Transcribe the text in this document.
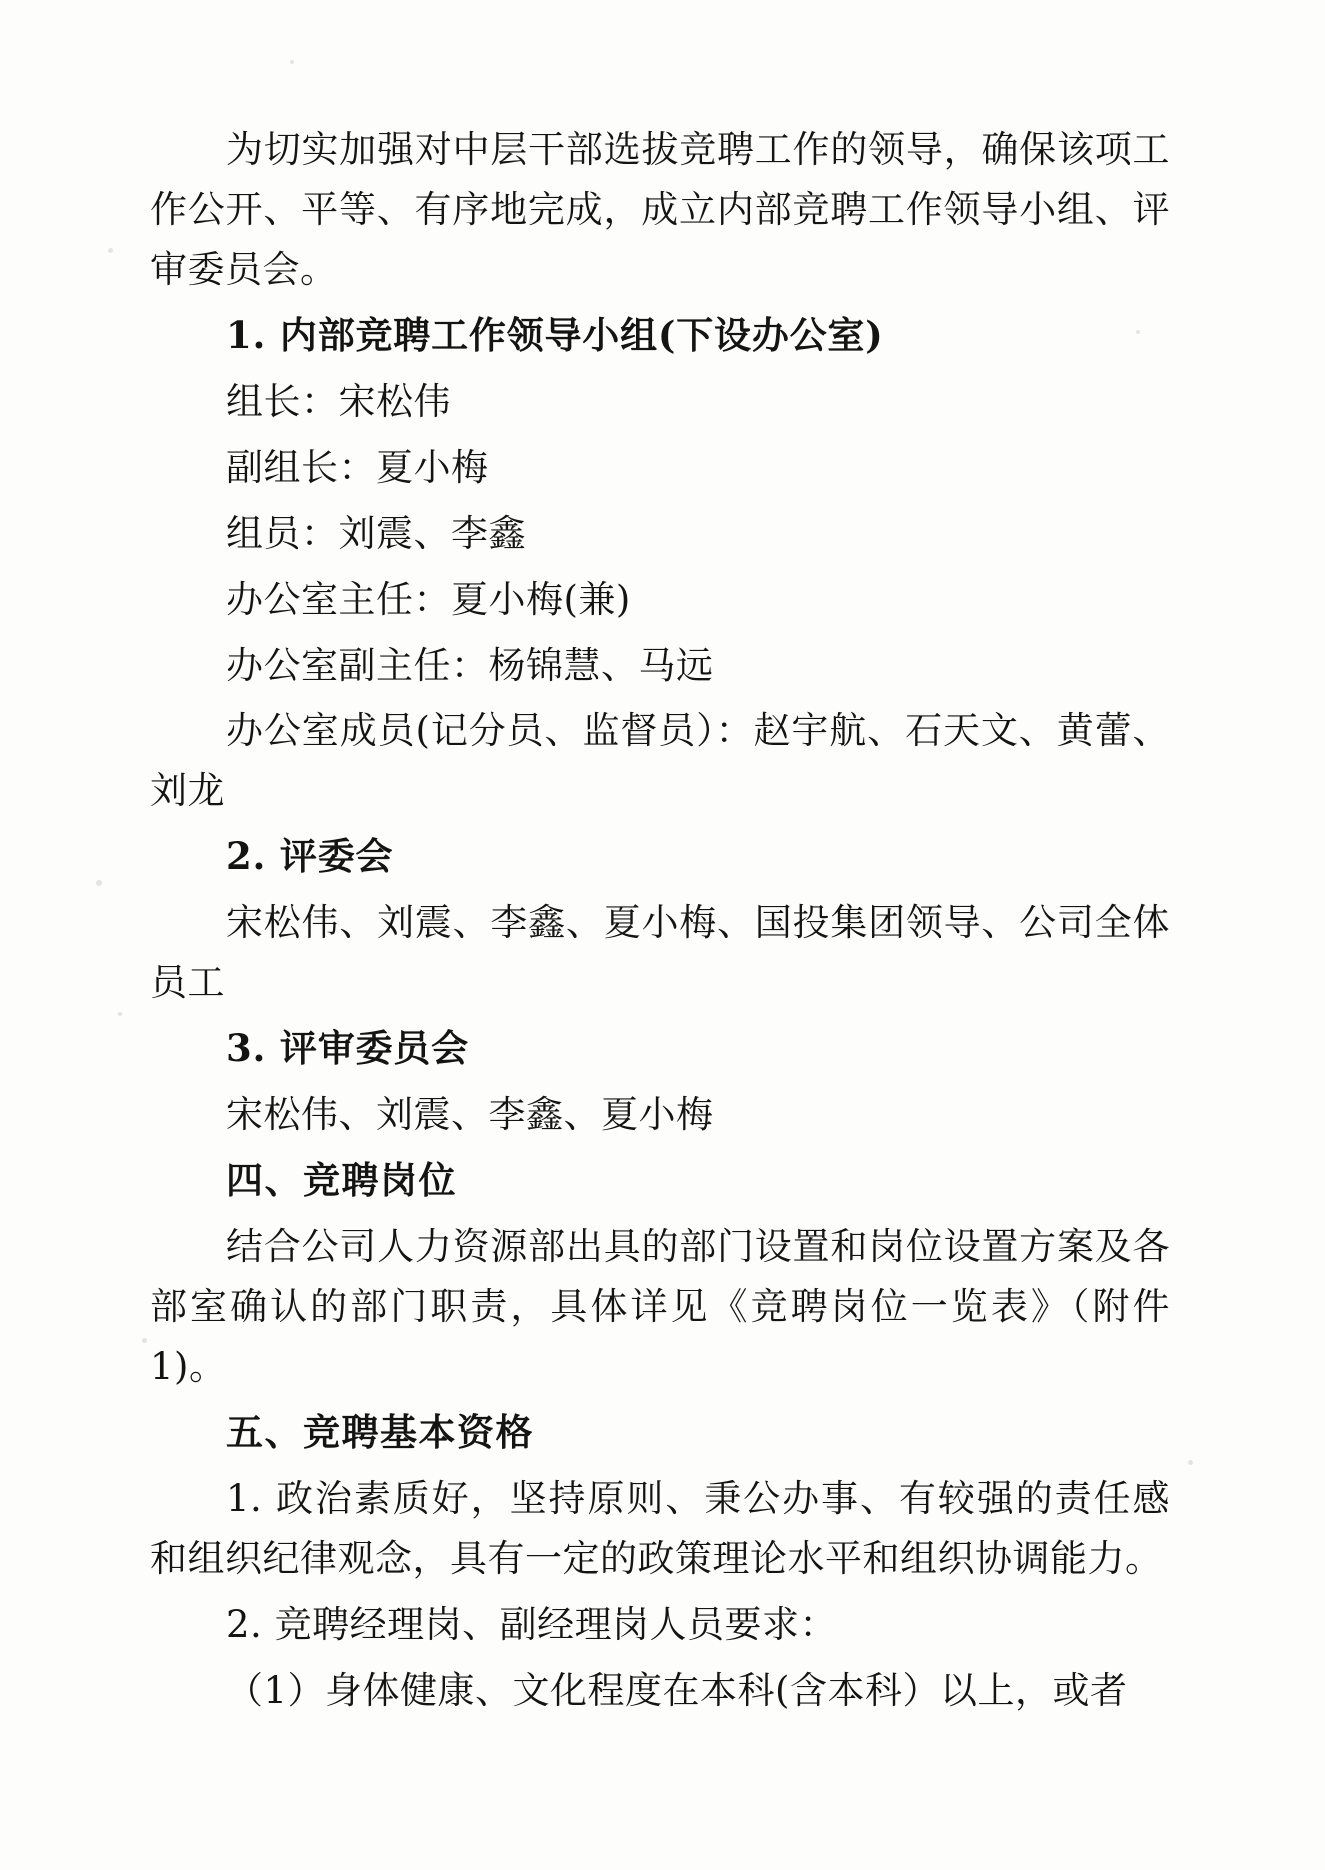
为切实加强对中层干部选拔竞聘工作的领导，确保该项工作公开、平等、有序地完成，成立内部竞聘工作领导小组、评审委员会。

1. 内部竞聘工作领导小组(下设办公室)

组长：宋松伟

副组长：夏小梅

组员：刘震、李鑫

办公室主任：夏小梅(兼)

办公室副主任：杨锦慧、马远

办公室成员(记分员、监督员）：赵宇航、石天文、黄蕾、刘龙

2. 评委会

宋松伟、刘震、李鑫、夏小梅、国投集团领导、公司全体员工

3. 评审委员会

宋松伟、刘震、李鑫、夏小梅

四、竞聘岗位

结合公司人力资源部出具的部门设置和岗位设置方案及各部室确认的部门职责，具体详见《竞聘岗位一览表》（附件 1)。

五、竞聘基本资格

1. 政治素质好，坚持原则、秉公办事、有较强的责任感和组织纪律观念，具有一定的政策理论水平和组织协调能力。

2. 竞聘经理岗、副经理岗人员要求：

（1）身体健康、文化程度在本科(含本科）以上，或者
